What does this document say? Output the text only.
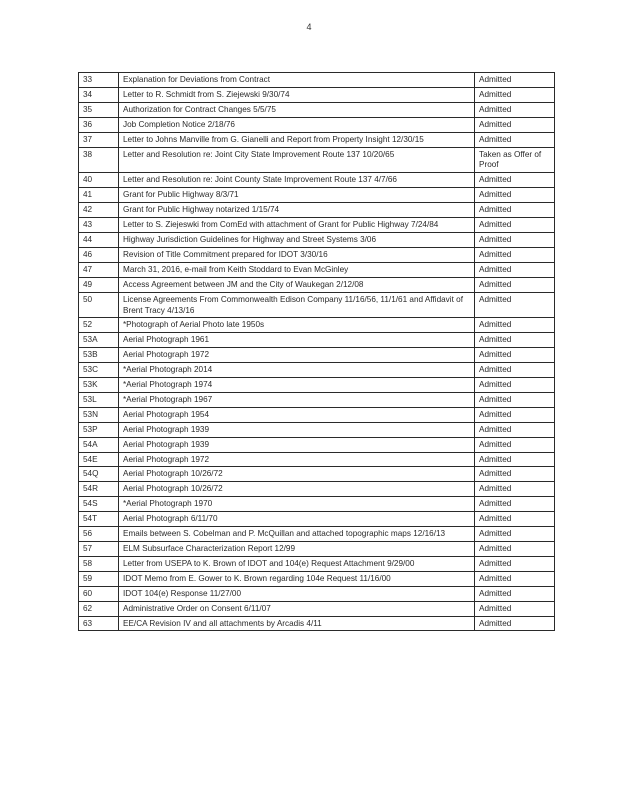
4
33	Explanation for Deviations from Contract	Admitted
34	Letter to R. Schmidt from S. Ziejewski 9/30/74	Admitted
35	Authorization for Contract Changes 5/5/75	Admitted
36	Job Completion Notice 2/18/76	Admitted
37	Letter to Johns Manville from G. Gianelli and Report from Property Insight 12/30/15	Admitted
38	Letter and Resolution re: Joint City State Improvement Route 137 10/20/65	Taken as Offer of Proof
40	Letter and Resolution re: Joint County State Improvement Route 137 4/7/66	Admitted
41	Grant for Public Highway 8/3/71	Admitted
42	Grant for Public Highway notarized 1/15/74	Admitted
43	Letter to S. Ziejeswki from ComEd with attachment of Grant for Public Highway 7/24/84	Admitted
44	Highway Jurisdiction Guidelines for Highway and Street Systems 3/06	Admitted
46	Revision of Title Commitment prepared for IDOT 3/30/16	Admitted
47	March 31, 2016, e-mail from Keith Stoddard to Evan McGinley	Admitted
49	Access Agreement between JM and the City of Waukegan 2/12/08	Admitted
50	License Agreements From Commonwealth Edison Company 11/16/56, 11/1/61 and Affidavit of Brent Tracy 4/13/16	Admitted
52	*Photograph of Aerial Photo late 1950s	Admitted
53A	Aerial Photograph 1961	Admitted
53B	Aerial Photograph 1972	Admitted
53C	*Aerial Photograph 2014	Admitted
53K	*Aerial Photograph 1974	Admitted
53L	*Aerial Photograph 1967	Admitted
53N	Aerial Photograph 1954	Admitted
53P	Aerial Photograph 1939	Admitted
54A	Aerial Photograph 1939	Admitted
54E	Aerial Photograph 1972	Admitted
54Q	Aerial Photograph 10/26/72	Admitted
54R	Aerial Photograph 10/26/72	Admitted
54S	*Aerial Photograph 1970	Admitted
54T	Aerial Photograph 6/11/70	Admitted
56	Emails between S. Cobelman and P. McQuillan and attached topographic maps 12/16/13	Admitted
57	ELM Subsurface Characterization Report 12/99	Admitted
58	Letter from USEPA to K. Brown of IDOT and 104(e) Request Attachment 9/29/00	Admitted
59	IDOT Memo from E. Gower to K. Brown regarding 104e Request 11/16/00	Admitted
60	IDOT 104(e) Response 11/27/00	Admitted
62	Administrative Order on Consent 6/11/07	Admitted
63	EE/CA Revision IV and all attachments by Arcadis 4/11	Admitted
